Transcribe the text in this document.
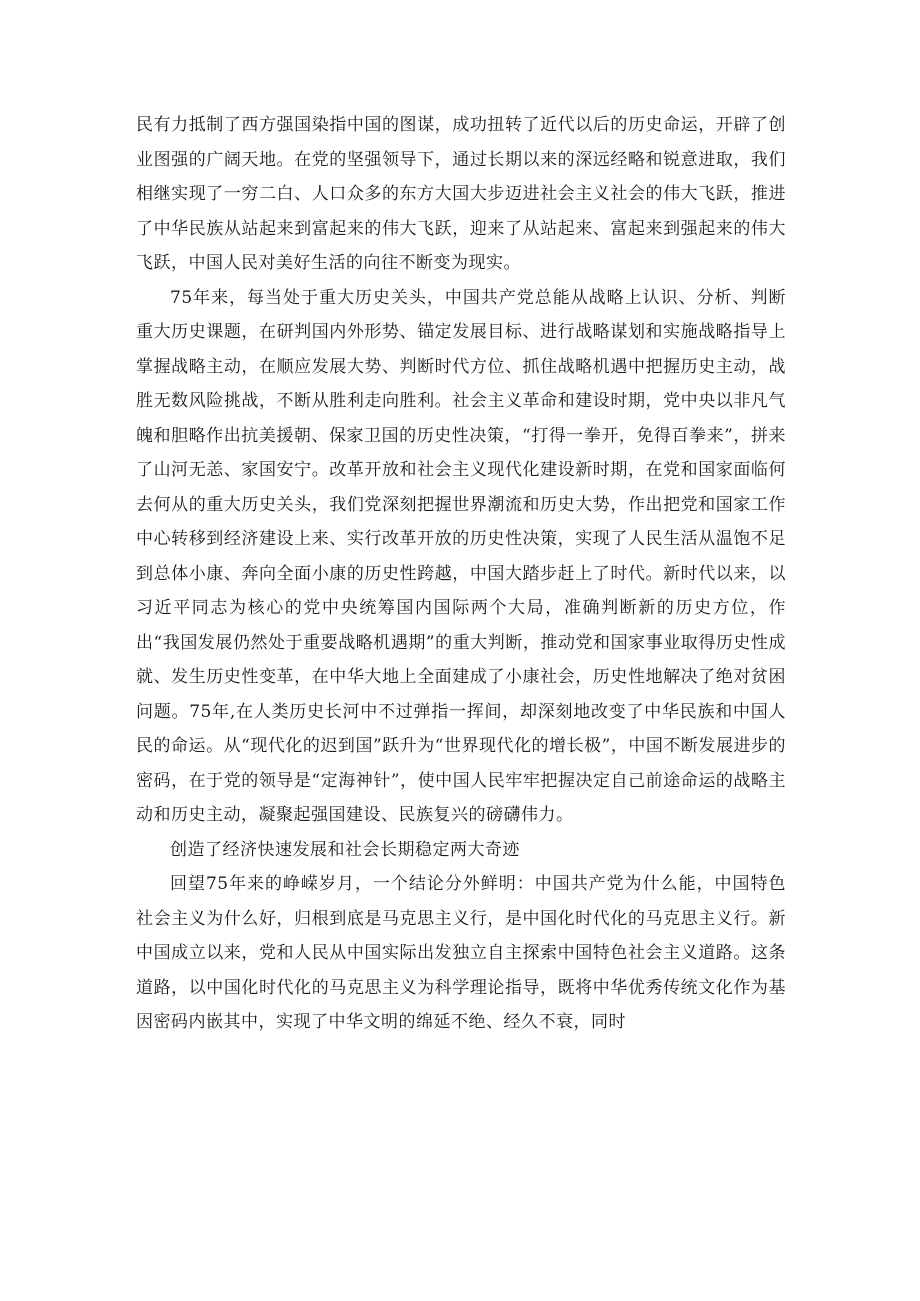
民有力抵制了西方强国染指中国的图谋，成功扭转了近代以后的历史命运，开辟了创业图强的广阔天地。在党的坚强领导下，通过长期以来的深远经略和锐意进取，我们相继实现了一穷二白、人口众多的东方大国大步迈进社会主义社会的伟大飞跃，推进了中华民族从站起来到富起来的伟大飞跃，迎来了从站起来、富起来到强起来的伟大飞跃，中国人民对美好生活的向往不断变为现实。

75年来，每当处于重大历史关头，中国共产党总能从战略上认识、分析、判断重大历史课题，在研判国内外形势、锚定发展目标、进行战略谋划和实施战略指导上掌握战略主动，在顺应发展大势、判断时代方位、抓住战略机遇中把握历史主动，战胜无数风险挑战，不断从胜利走向胜利。社会主义革命和建设时期，党中央以非凡气魄和胆略作出抗美援朝、保家卫国的历史性决策，“打得一拳开，免得百拳来”，拼来了山河无恙、家国安宁。改革开放和社会主义现代化建设新时期，在党和国家面临何去何从的重大历史关头，我们党深刻把握世界潮流和历史大势，作出把党和国家工作中心转移到经济建设上来、实行改革开放的历史性决策，实现了人民生活从温饱不足到总体小康、奔向全面小康的历史性跨越，中国大踏步赶上了时代。新时代以来，以习近平同志为核心的党中央统筹国内国际两个大局，准确判断新的历史方位，作出“我国发展仍然处于重要战略机遇期”的重大判断，推动党和国家事业取得历史性成就、发生历史性变革，在中华大地上全面建成了小康社会，历史性地解决了绝对贫困问题。75年,在人类历史长河中不过弹指一挥间，却深刻地改变了中华民族和中国人民的命运。从“现代化的迟到国”跃升为“世界现代化的增长极”，中国不断发展进步的密码，在于党的领导是“定海神针”，使中国人民牢牢把握决定自己前途命运的战略主动和历史主动，凝聚起强国建设、民族复兴的磅礴伟力。

创造了经济快速发展和社会长期稳定两大奇迹

回望75年来的峥嵘岁月，一个结论分外鲜明：中国共产党为什么能，中国特色社会主义为什么好，归根到底是马克思主义行，是中国化时代化的马克思主义行。新中国成立以来，党和人民从中国实际出发独立自主探索中国特色社会主义道路。这条道路，以中国化时代化的马克思主义为科学理论指导，既将中华优秀传统文化作为基因密码内嵌其中，实现了中华文明的绵延不绝、经久不衰，同时
